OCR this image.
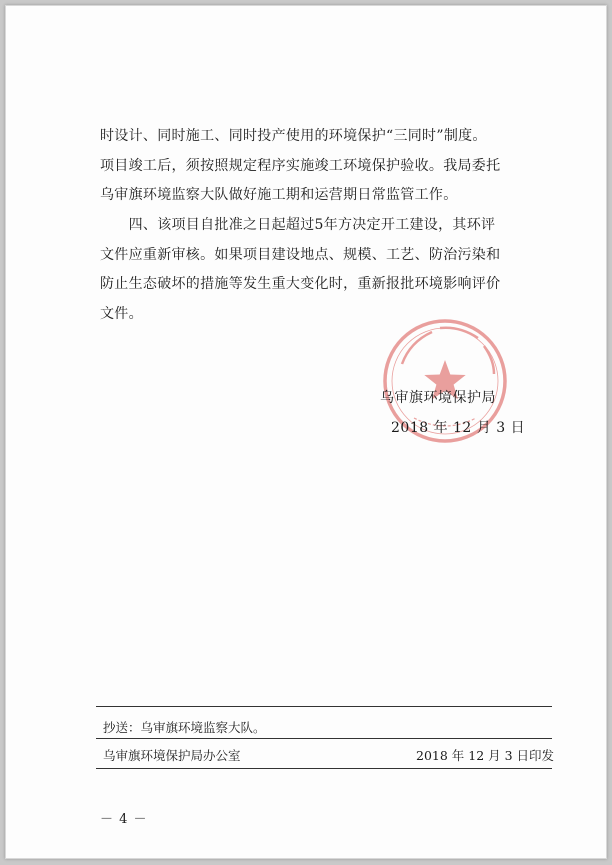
时设计、同时施工、同时投产使用的环境保护“三同时”制度。
项目竣工后，须按照规定程序实施竣工环境保护验收。我局委托
乌审旗环境监察大队做好施工期和运营期日常监管工作。

　　四、该项目自批准之日起超过5年方决定开工建设，其环评
文件应重新审核。如果项目建设地点、规模、工艺、防治污染和
防止生态破坏的措施等发生重大变化时，重新报批环境影响评价
文件。

乌审旗环境保护局
2018 年 12 月 3 日
抄送：乌审旗环境监察大队。
乌审旗环境保护局办公室	2018 年 12 月 3 日印发
－ 4 －
